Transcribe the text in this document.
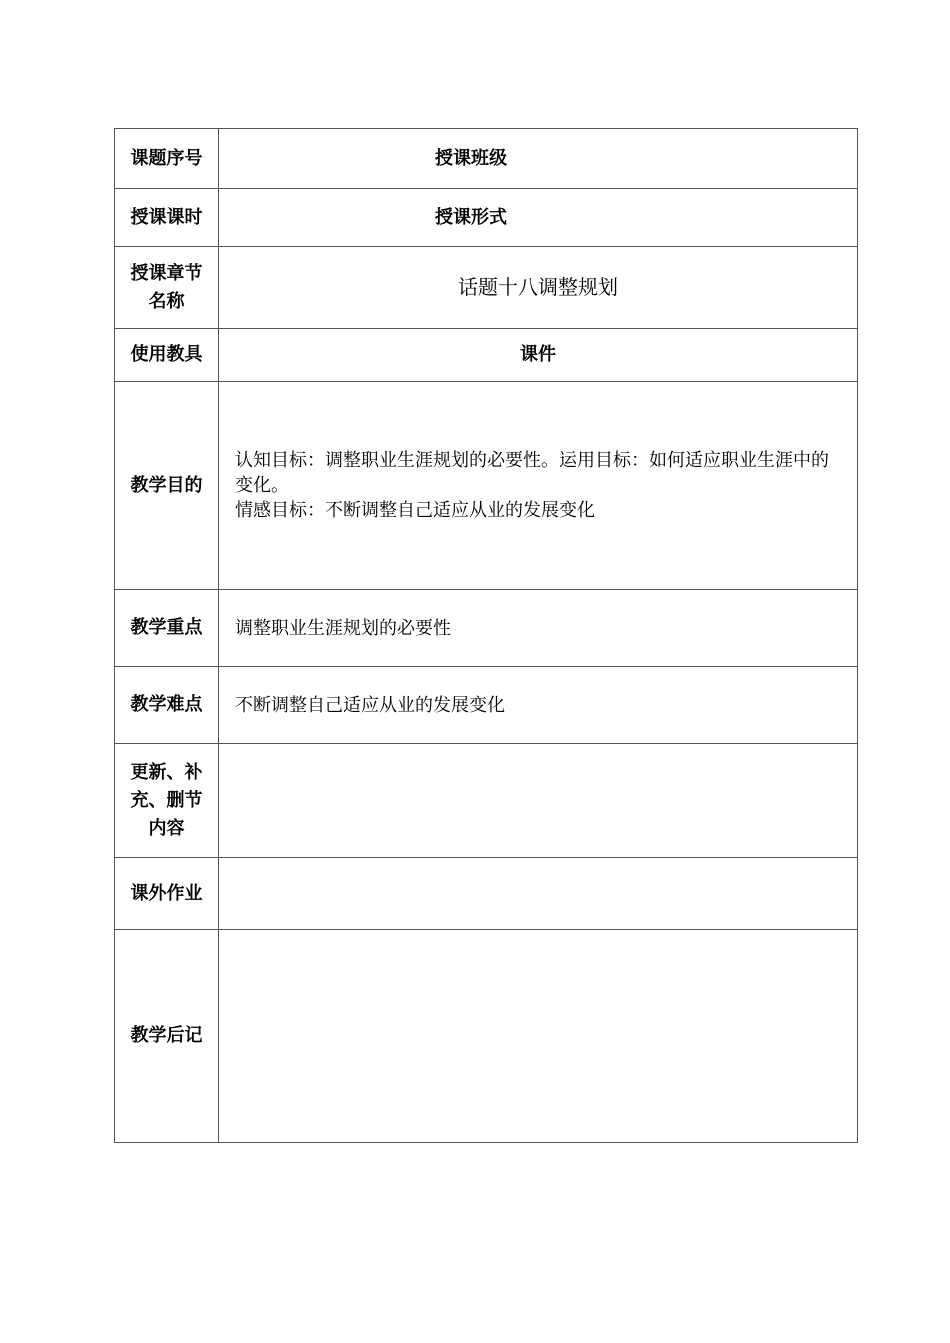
课题序号	授课班级
授课课时	授课形式
授课章节名称	话题十八调整规划
使用教具	课件
教学目的	认知目标：调整职业生涯规划的必要性。运用目标：如何适应职业生涯中的变化。
情感目标：不断调整自己适应从业的发展变化

教学重点	调整职业生涯规划的必要性

教学难点	不断调整自己适应从业的发展变化

更新、补充、删节内容	

课外作业	

教学后记	
